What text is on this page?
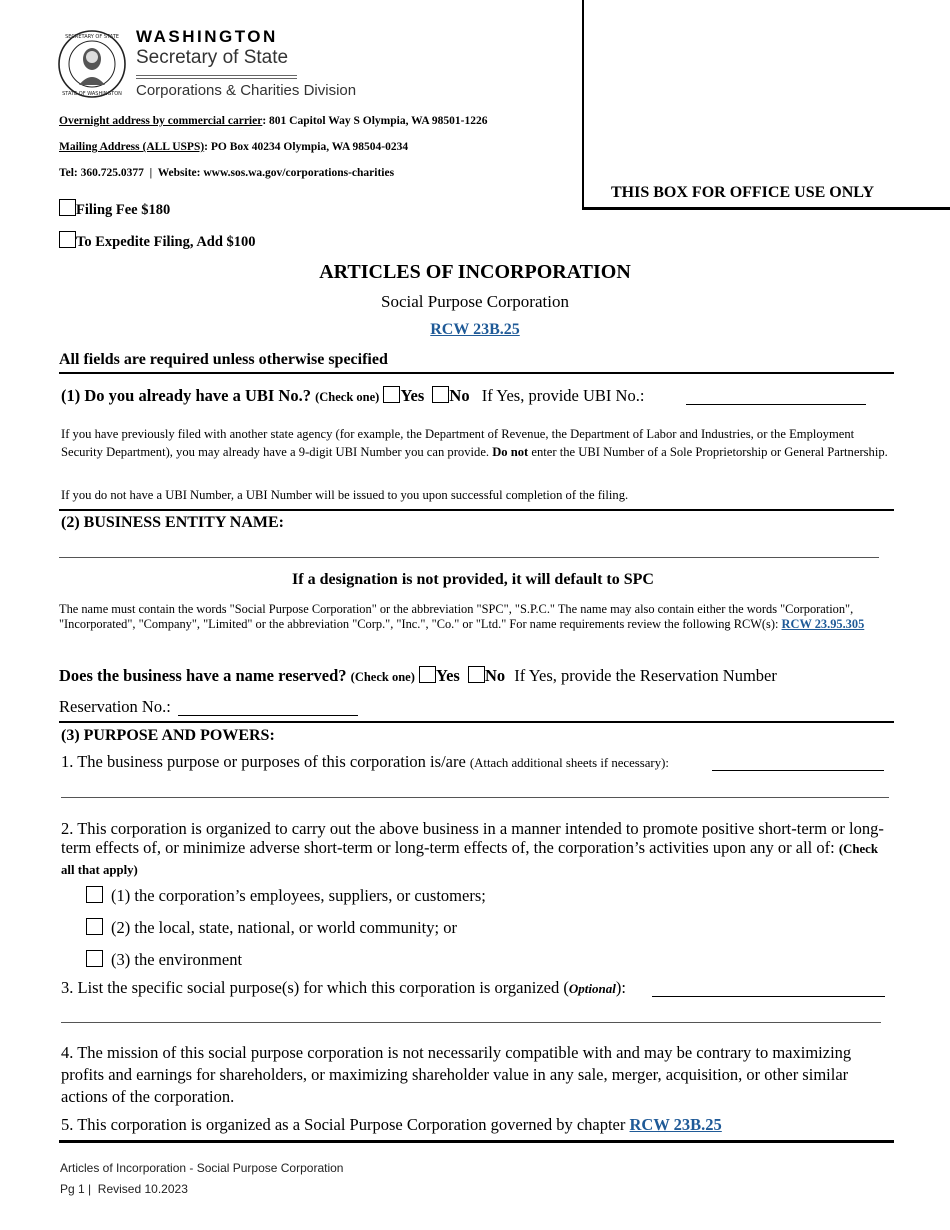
SECRETARY OF STATE
STATE OF WASHINGTON
WASHINGTON
Secretary of State
Corporations & Charities Division
Overnight address by commercial carrier: 801 Capitol Way S Olympia, WA 98501-1226
Mailing Address (ALL USPS): PO Box 40234 Olympia, WA 98504-0234
Tel: 360.725.0377  |  Website: www.sos.wa.gov/corporations-charities
THIS BOX FOR OFFICE USE ONLY
Filing Fee $180
To Expedite Filing, Add $100
ARTICLES OF INCORPORATION
Social Purpose Corporation
RCW 23B.25
All fields are required unless otherwise specified
(1) Do you already have a UBI No.? (Check one) Yes No If Yes, provide UBI No.:
If you have previously filed with another state agency (for example, the Department of Revenue, the Department of Labor and Industries, or the Employment Security Department), you may already have a 9-digit UBI Number you can provide. Do not enter the UBI Number of a Sole Proprietorship or General Partnership.
If you do not have a UBI Number, a UBI Number will be issued to you upon successful completion of the filing.
(2) BUSINESS ENTITY NAME:
If a designation is not provided, it will default to SPC
The name must contain the words "Social Purpose Corporation" or the abbreviation "SPC", "S.P.C." The name may also contain either the words "Corporation", "Incorporated", "Company", "Limited" or the abbreviation "Corp.", "Inc.", "Co." or "Ltd." For name requirements review the following RCW(s): RCW 23.95.305
Does the business have a name reserved? (Check one) Yes No If Yes, provide the Reservation Number
Reservation No.:
(3) PURPOSE AND POWERS:
1. The business purpose or purposes of this corporation is/are (Attach additional sheets if necessary):
2. This corporation is organized to carry out the above business in a manner intended to promote positive short-term or long-term effects of, or minimize adverse short-term or long-term effects of, the corporation’s activities upon any or all of: (Check all that apply)
(1) the corporation’s employees, suppliers, or customers;
(2) the local, state, national, or world community; or
(3) the environment
3. List the specific social purpose(s) for which this corporation is organized (Optional):
4. The mission of this social purpose corporation is not necessarily compatible with and may be contrary to maximizing profits and earnings for shareholders, or maximizing shareholder value in any sale, merger, acquisition, or other similar actions of the corporation.
5. This corporation is organized as a Social Purpose Corporation governed by chapter RCW 23B.25
Articles of Incorporation - Social Purpose Corporation
Pg 1 |  Revised 10.2023
